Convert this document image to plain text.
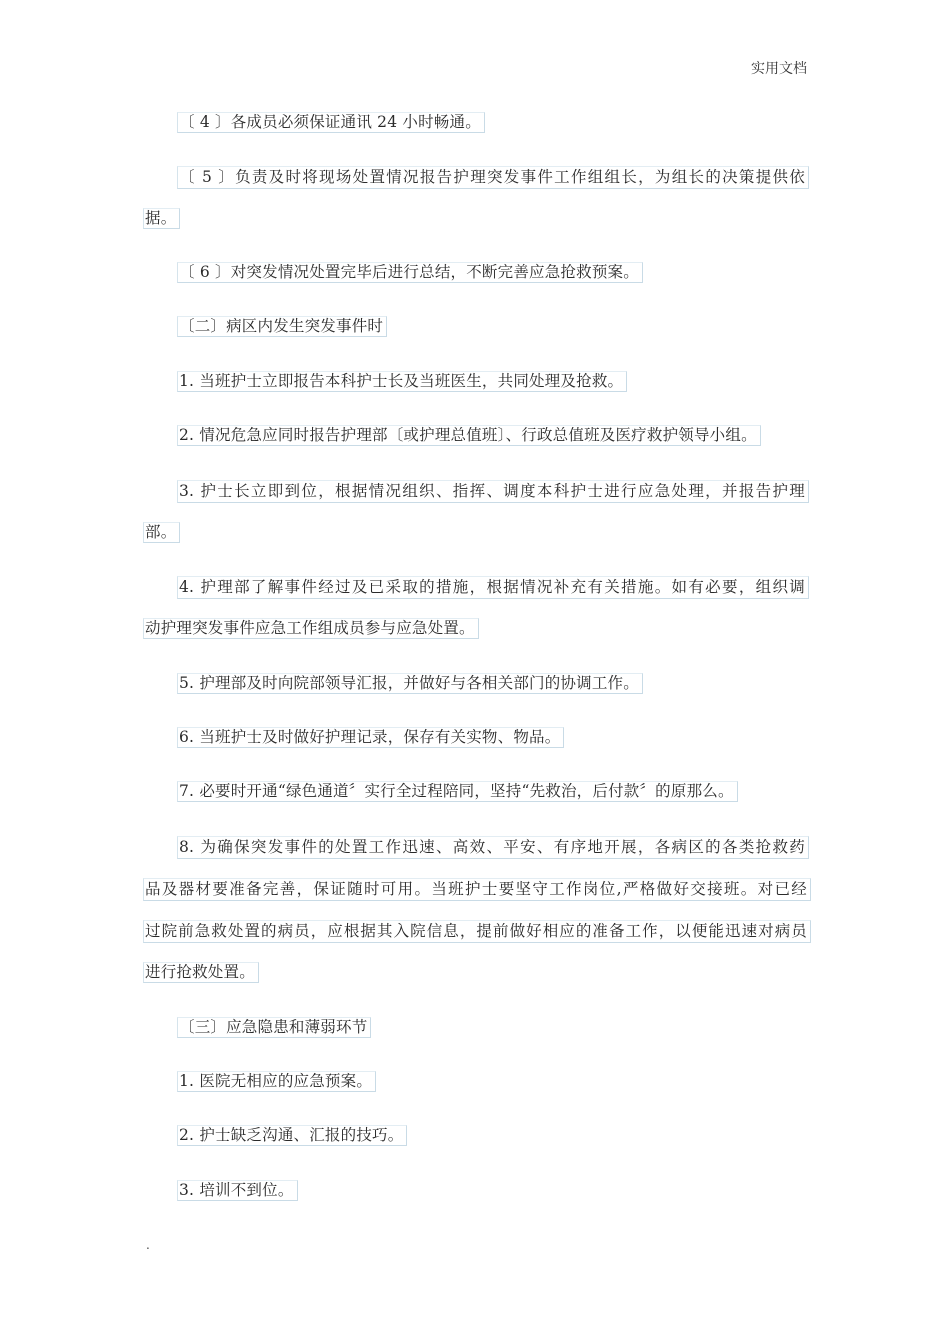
实用文档
〔 4 〕各成员必须保证通讯 24 小时畅通。
〔 5 〕负责及时将现场处置情况报告护理突发事件工作组组长，为组长的决策提供依
据。
〔 6 〕对突发情况处置完毕后进行总结，不断完善应急抢救预案。
〔二〕病区内发生突发事件时
1. 当班护士立即报告本科护士长及当班医生，共同处理及抢救。
2. 情况危急应同时报告护理部〔或护理总值班〕、行政总值班及医疗救护领导小组。
3. 护士长立即到位，根据情况组织、指挥、调度本科护士进行应急处理，并报告护理
部。
4. 护理部了解事件经过及已采取的措施，根据情况补充有关措施。如有必要，组织调
动护理突发事件应急工作组成员参与应急处置。
5. 护理部及时向院部领导汇报，并做好与各相关部门的协调工作。
6. 当班护士及时做好护理记录，保存有关实物、物品。
7. 必要时开通“绿色通道〞实行全过程陪同，坚持“先救治，后付款〞的原那么。
8. 为确保突发事件的处置工作迅速、高效、平安、有序地开展，各病区的各类抢救药
品及器材要准备完善，保证随时可用。当班护士要坚守工作岗位,严格做好交接班。对已经
过院前急救处置的病员，应根据其入院信息，提前做好相应的准备工作，以便能迅速对病员
进行抢救处置。
〔三〕应急隐患和薄弱环节
1. 医院无相应的应急预案。
2. 护士缺乏沟通、汇报的技巧。
3. 培训不到位。
.
